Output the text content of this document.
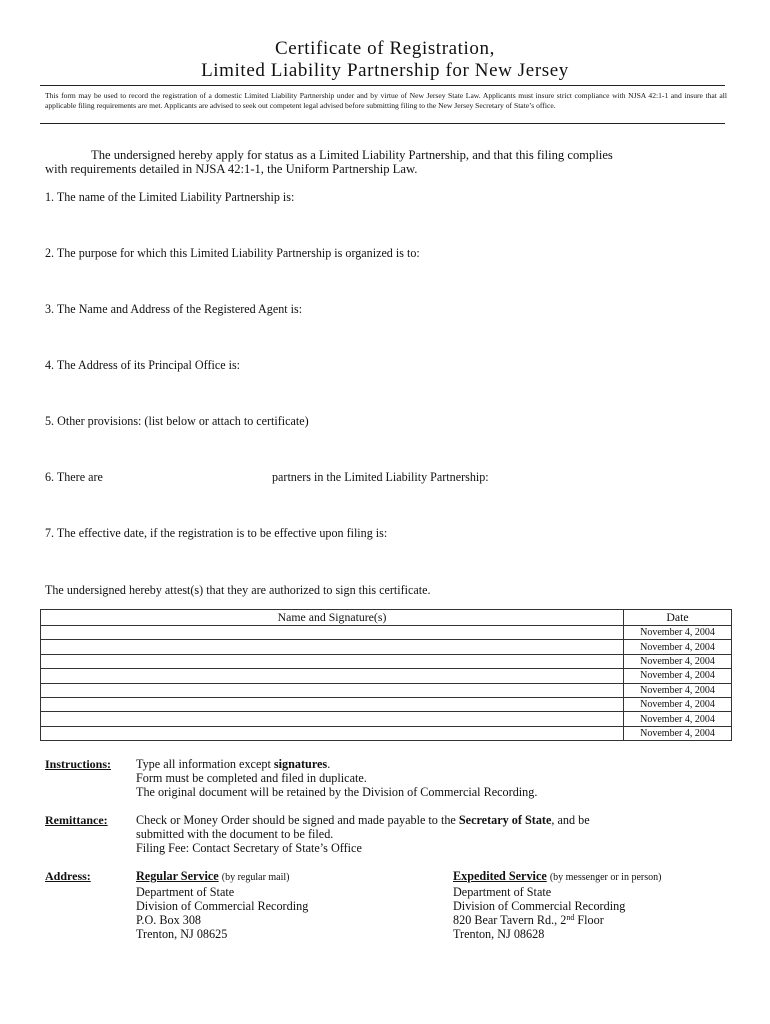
Certificate of Registration,
Limited Liability Partnership for New Jersey
This form may be used to record the registration of a domestic Limited Liability Partnership under and by virtue of New Jersey State Law. Applicants must insure strict compliance with NJSA 42:1-1 and insure that all applicable filing requirements are met. Applicants are advised to seek out competent legal advised before submitting filing to the New Jersey Secretary of State’s office.
The undersigned hereby apply for status as a Limited Liability Partnership, and that this filing complies
with requirements detailed in NJSA 42:1-1, the Uniform Partnership Law.
1. The name of the Limited Liability Partnership is:
2. The purpose for which this Limited Liability Partnership is organized is to:
3. The Name and Address of the Registered Agent is:
4. The Address of its Principal Office is:
5. Other provisions: (list below or attach to certificate)
6. There are	partners in the Limited Liability Partnership:
7. The effective date, if the registration is to be effective upon filing is:
The undersigned hereby attest(s) that they are authorized to sign this certificate.
Name and Signature(s)	Date
	November 4, 2004
	November 4, 2004
	November 4, 2004
	November 4, 2004
	November 4, 2004
	November 4, 2004
	November 4, 2004
	November 4, 2004
Instructions: Type all information except signatures.
Form must be completed and filed in duplicate.
The original document will be retained by the Division of Commercial Recording.
Remittance: Check or Money Order should be signed and made payable to the Secretary of State, and be
submitted with the document to be filed.
Filing Fee: Contact Secretary of State’s Office
Address:	Regular Service (by regular mail)
Department of State
Division of Commercial Recording
P.O. Box 308
Trenton, NJ 08625
Expedited Service (by messenger or in person)
Department of State
Division of Commercial Recording
820 Bear Tavern Rd., 2nd Floor
Trenton, NJ 08628
